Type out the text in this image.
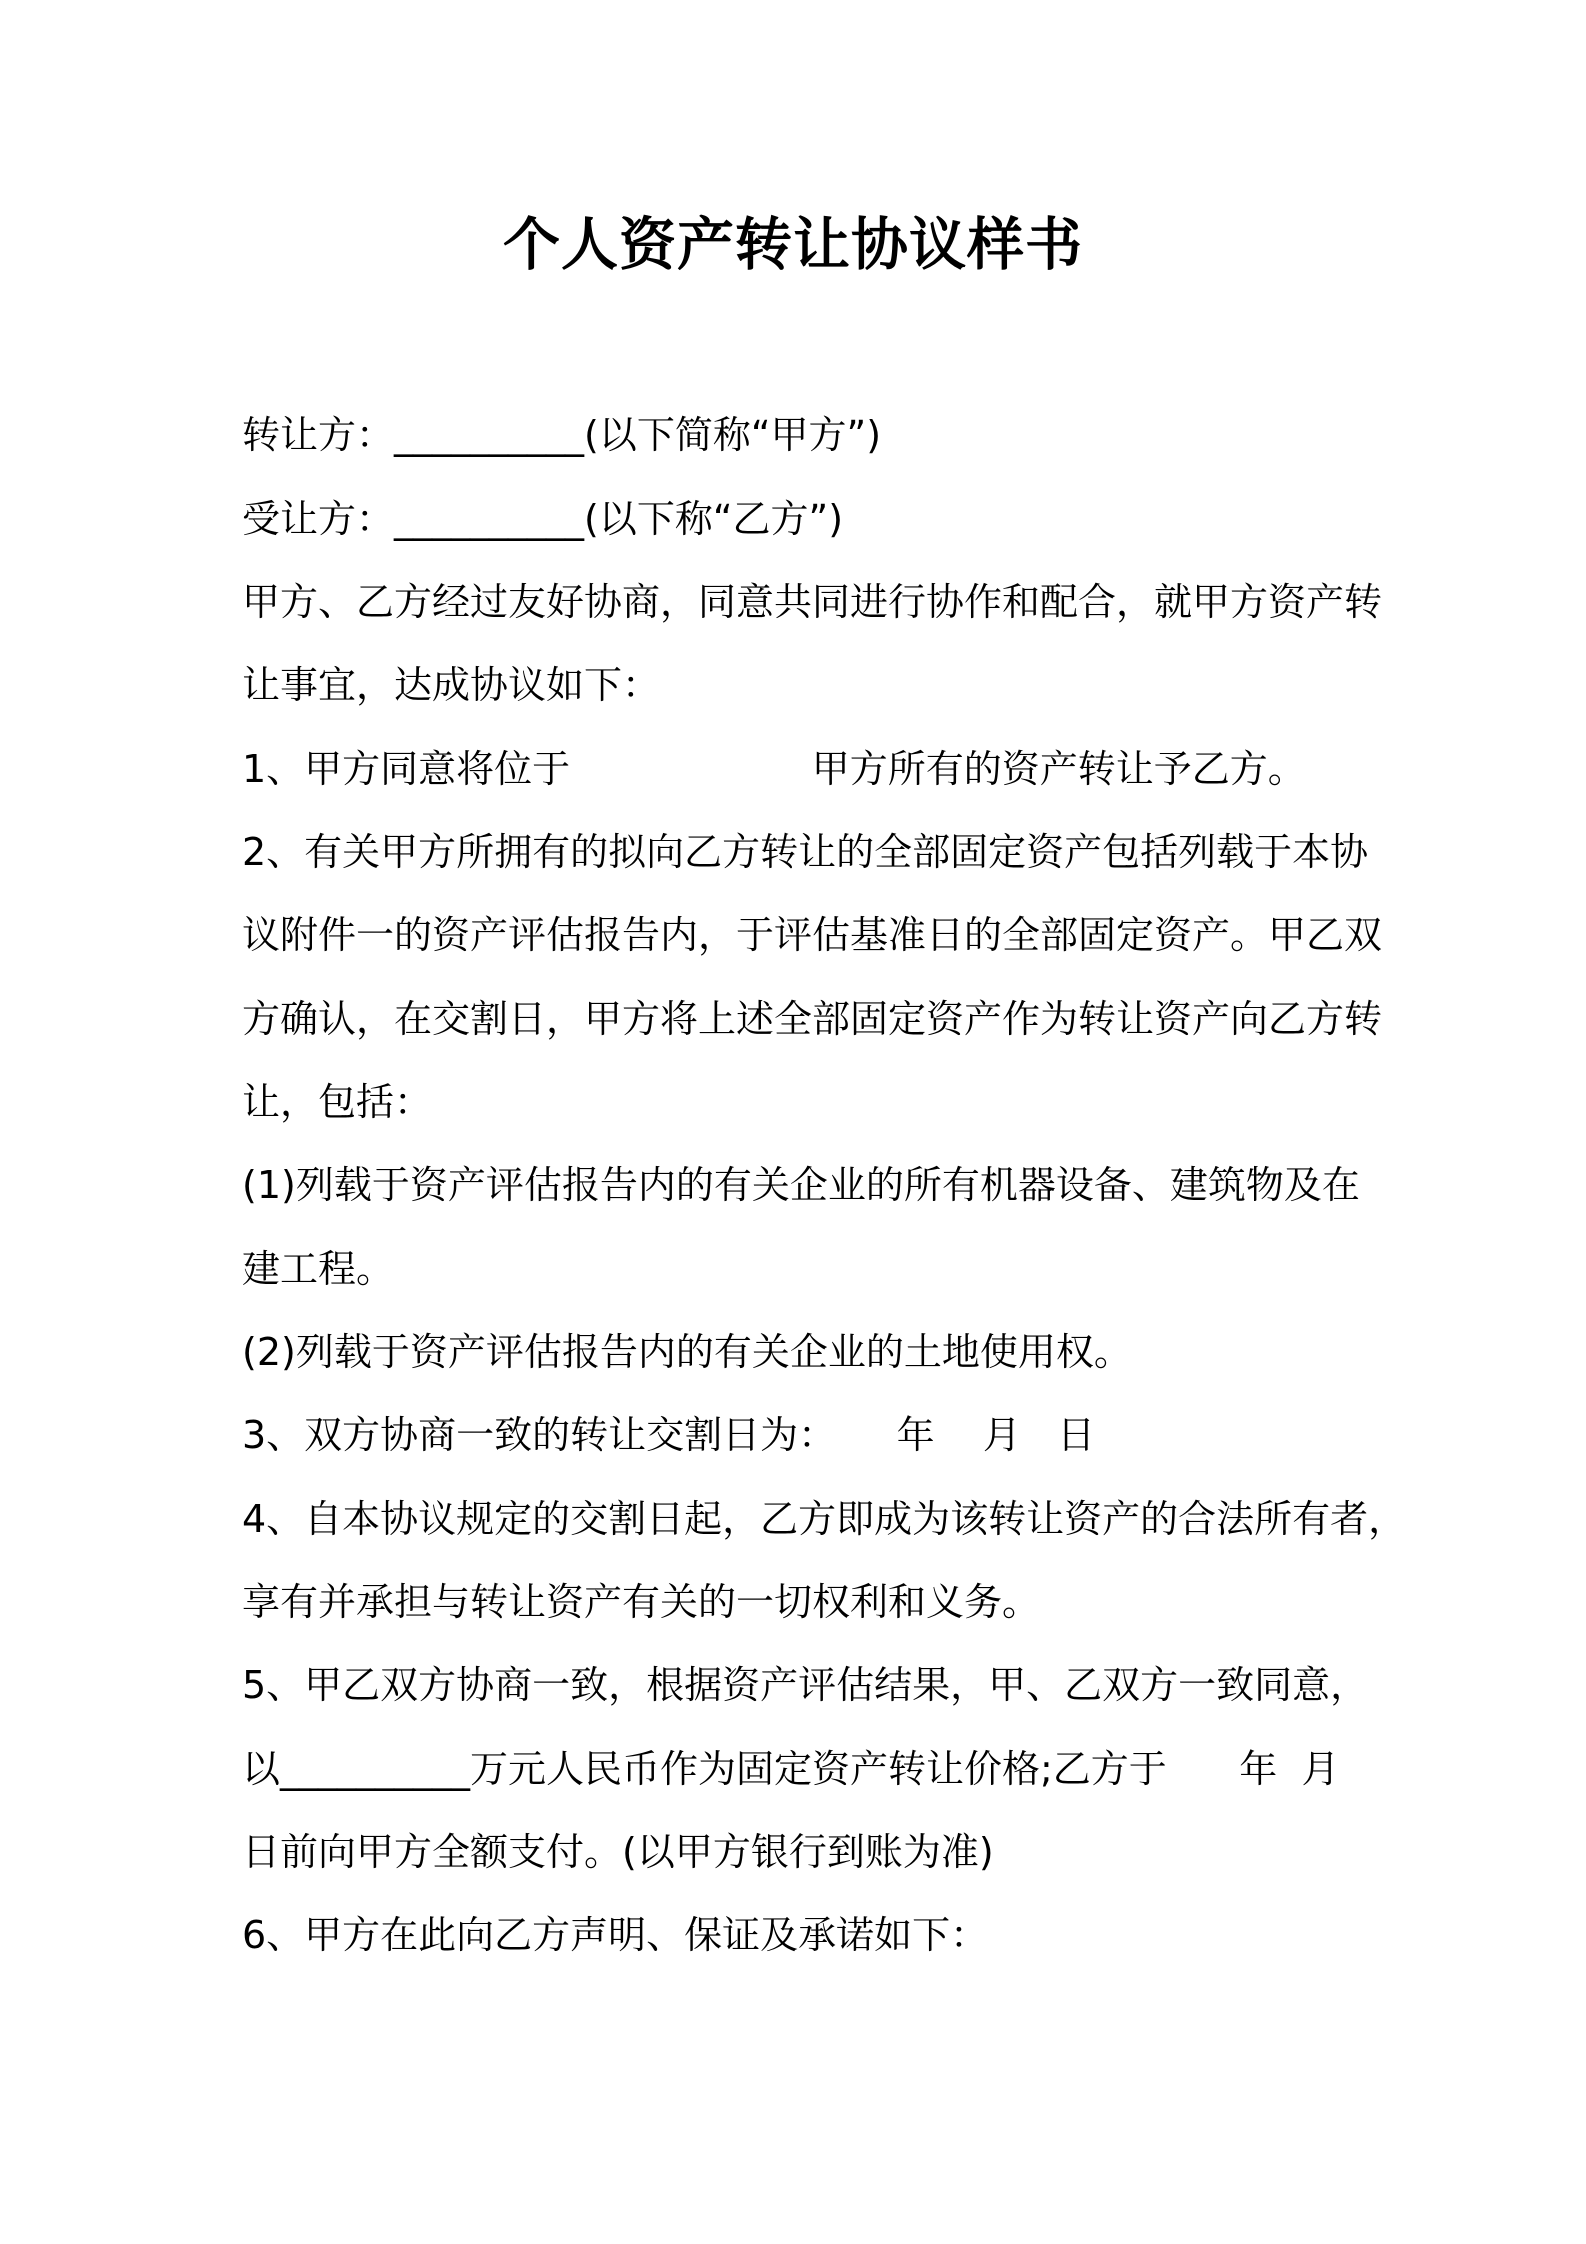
个人资产转让协议样书
转让方：__________(以下简称“甲方”)
受让方：__________(以下称“乙方”)
甲方、乙方经过友好协商，同意共同进行协作和配合，就甲方资产转
让事宜，达成协议如下：
1、甲方同意将位于                    甲方所有的资产转让予乙方。
2、有关甲方所拥有的拟向乙方转让的全部固定资产包括列载于本协
议附件一的资产评估报告内，于评估基准日的全部固定资产。甲乙双
方确认，在交割日，甲方将上述全部固定资产作为转让资产向乙方转
让，包括：
(1)列载于资产评估报告内的有关企业的所有机器设备、建筑物及在
建工程。
(2)列载于资产评估报告内的有关企业的土地使用权。
3、双方协商一致的转让交割日为：     年    月   日
4、自本协议规定的交割日起，乙方即成为该转让资产的合法所有者，
享有并承担与转让资产有关的一切权利和义务。
5、甲乙双方协商一致，根据资产评估结果，甲、乙双方一致同意，
以__________万元人民币作为固定资产转让价格;乙方于      年  月
日前向甲方全额支付。(以甲方银行到账为准)
6、甲方在此向乙方声明、保证及承诺如下：
